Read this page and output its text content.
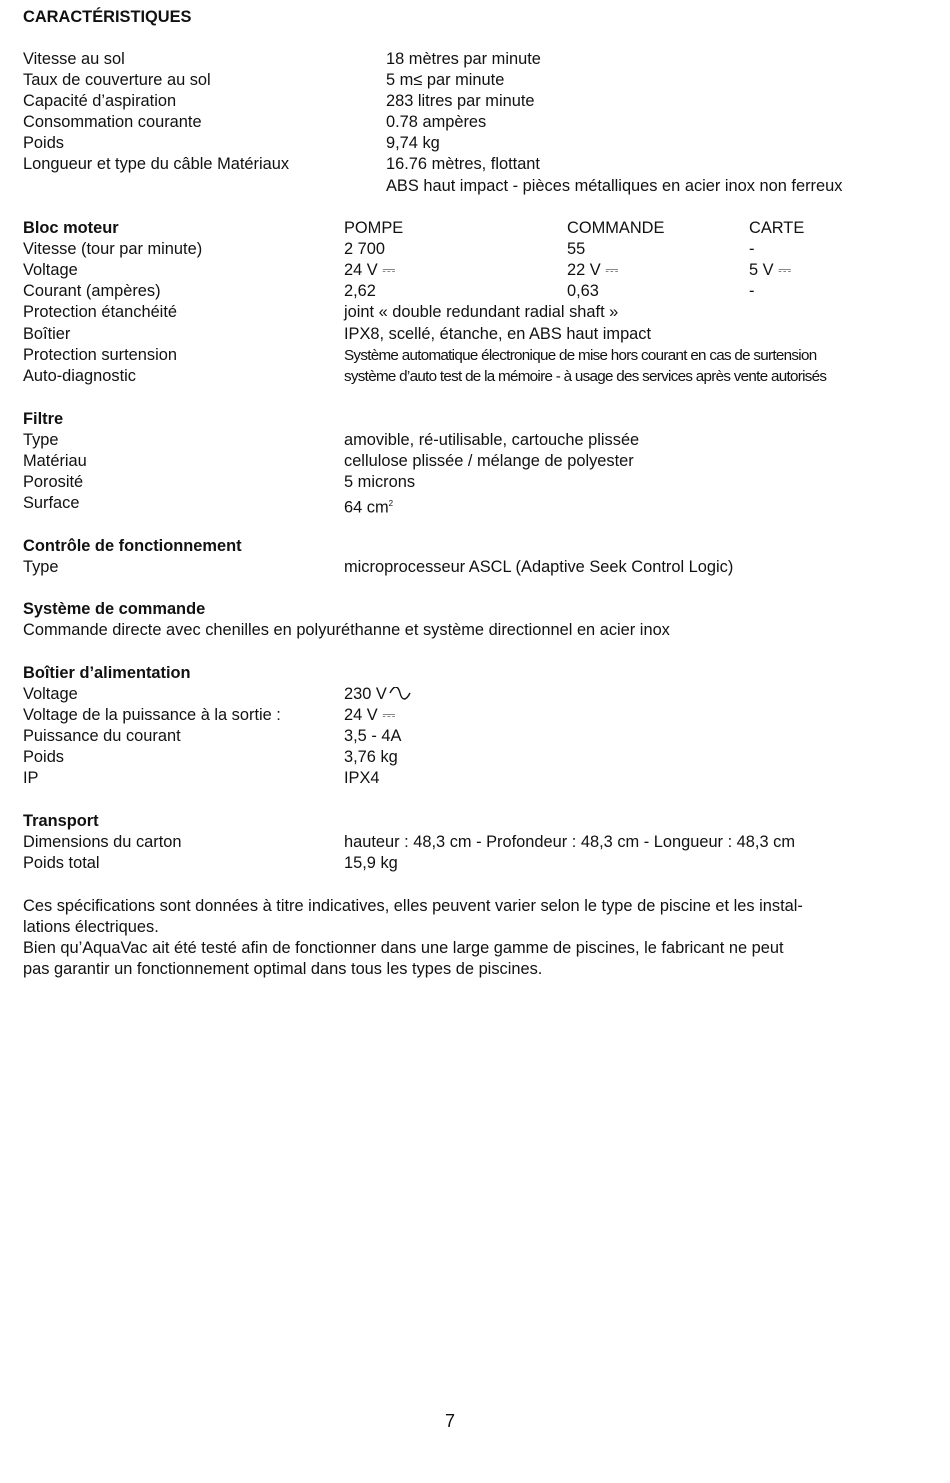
CARACTÉRISTIQUES
Vitesse au sol	18 mètres par minute
Taux de couverture au sol	5 m≤ par minute
Capacité d’aspiration	283 litres par minute
Consommation courante	0.78 ampères
Poids	9,74 kg
Longueur et type du câble Matériaux	16.76 mètres, flottant
ABS haut impact - pièces métalliques en acier inox non ferreux
Bloc moteur	POMPE	COMMANDE	CARTE
Vitesse (tour par minute)	2 700	55	-
Voltage	24 V ⎓	22 V ⎓	5 V ⎓
Courant (ampères)	2,62	0,63	-
Protection étanchéité	joint « double redundant radial shaft »
Boîtier	IPX8, scellé, étanche, en ABS haut impact
Protection surtension	Système automatique électronique de mise hors courant en cas de surtension
Auto-diagnostic	système d’auto test de la mémoire - à usage des services après vente autorisés
Filtre
Type	amovible, ré-utilisable, cartouche plissée
Matériau	cellulose plissée / mélange de polyester
Porosité	5 microns
Surface	64 $cm^2$
Contrôle de fonctionnement
Type	microprocesseur ASCL (Adaptive Seek Control Logic)
Système de commande
Commande directe avec chenilles en polyuréthanne et système directionnel en acier inox
Boîtier d’alimentation
Voltage	230 V
Voltage de la puissance à la sortie :	24 V ⎓
Puissance du courant	3,5 - 4A
Poids	3,76 kg
IP	IPX4
Transport
Dimensions du carton	hauteur : 48,3 cm - Profondeur : 48,3 cm - Longueur : 48,3 cm
Poids total	15,9 kg
Ces spécifications sont données à titre indicatives, elles peuvent varier selon le type de piscine et les instal-
lations électriques.
Bien qu’AquaVac ait été testé afin de fonctionner dans une large gamme de piscines, le fabricant ne peut
pas garantir un fonctionnement optimal dans tous les types de piscines.
7
